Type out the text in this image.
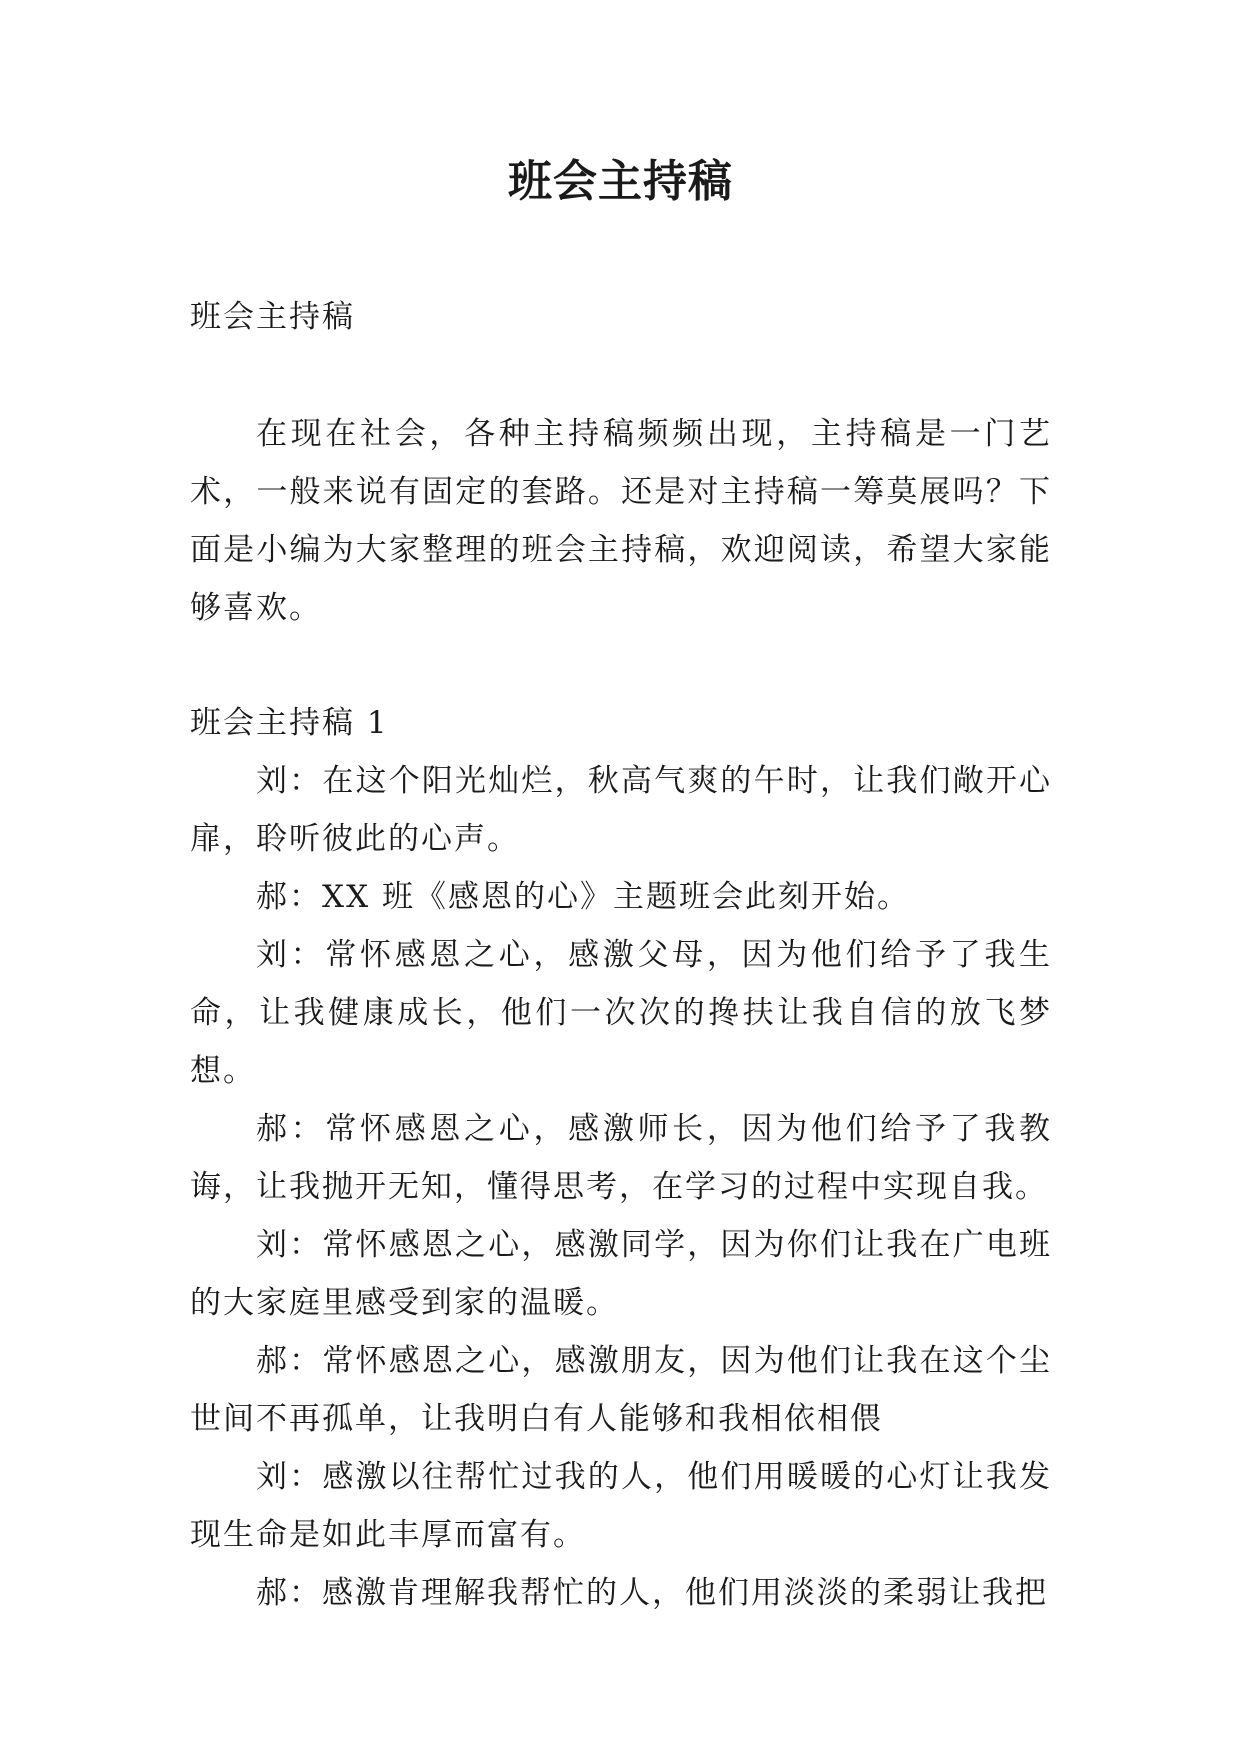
班会主持稿
班会主持稿

在现在社会，各种主持稿频频出现，主持稿是一门艺术，一般来说有固定的套路。还是对主持稿一筹莫展吗？下面是小编为大家整理的班会主持稿，欢迎阅读，希望大家能够喜欢。

班会主持稿 1

刘：在这个阳光灿烂，秋高气爽的午时，让我们敞开心扉，聆听彼此的心声。

郝：XX 班《感恩的心》主题班会此刻开始。

刘：常怀感恩之心，感激父母，因为他们给予了我生命，让我健康成长，他们一次次的搀扶让我自信的放飞梦想。

郝：常怀感恩之心，感激师长，因为他们给予了我教诲，让我抛开无知，懂得思考，在学习的过程中实现自我。

刘：常怀感恩之心，感激同学，因为你们让我在广电班的大家庭里感受到家的温暖。

郝：常怀感恩之心，感激朋友，因为他们让我在这个尘世间不再孤单，让我明白有人能够和我相依相偎

刘：感激以往帮忙过我的人，他们用暖暖的心灯让我发现生命是如此丰厚而富有。

郝：感激肯理解我帮忙的人，他们用淡淡的柔弱让我把
